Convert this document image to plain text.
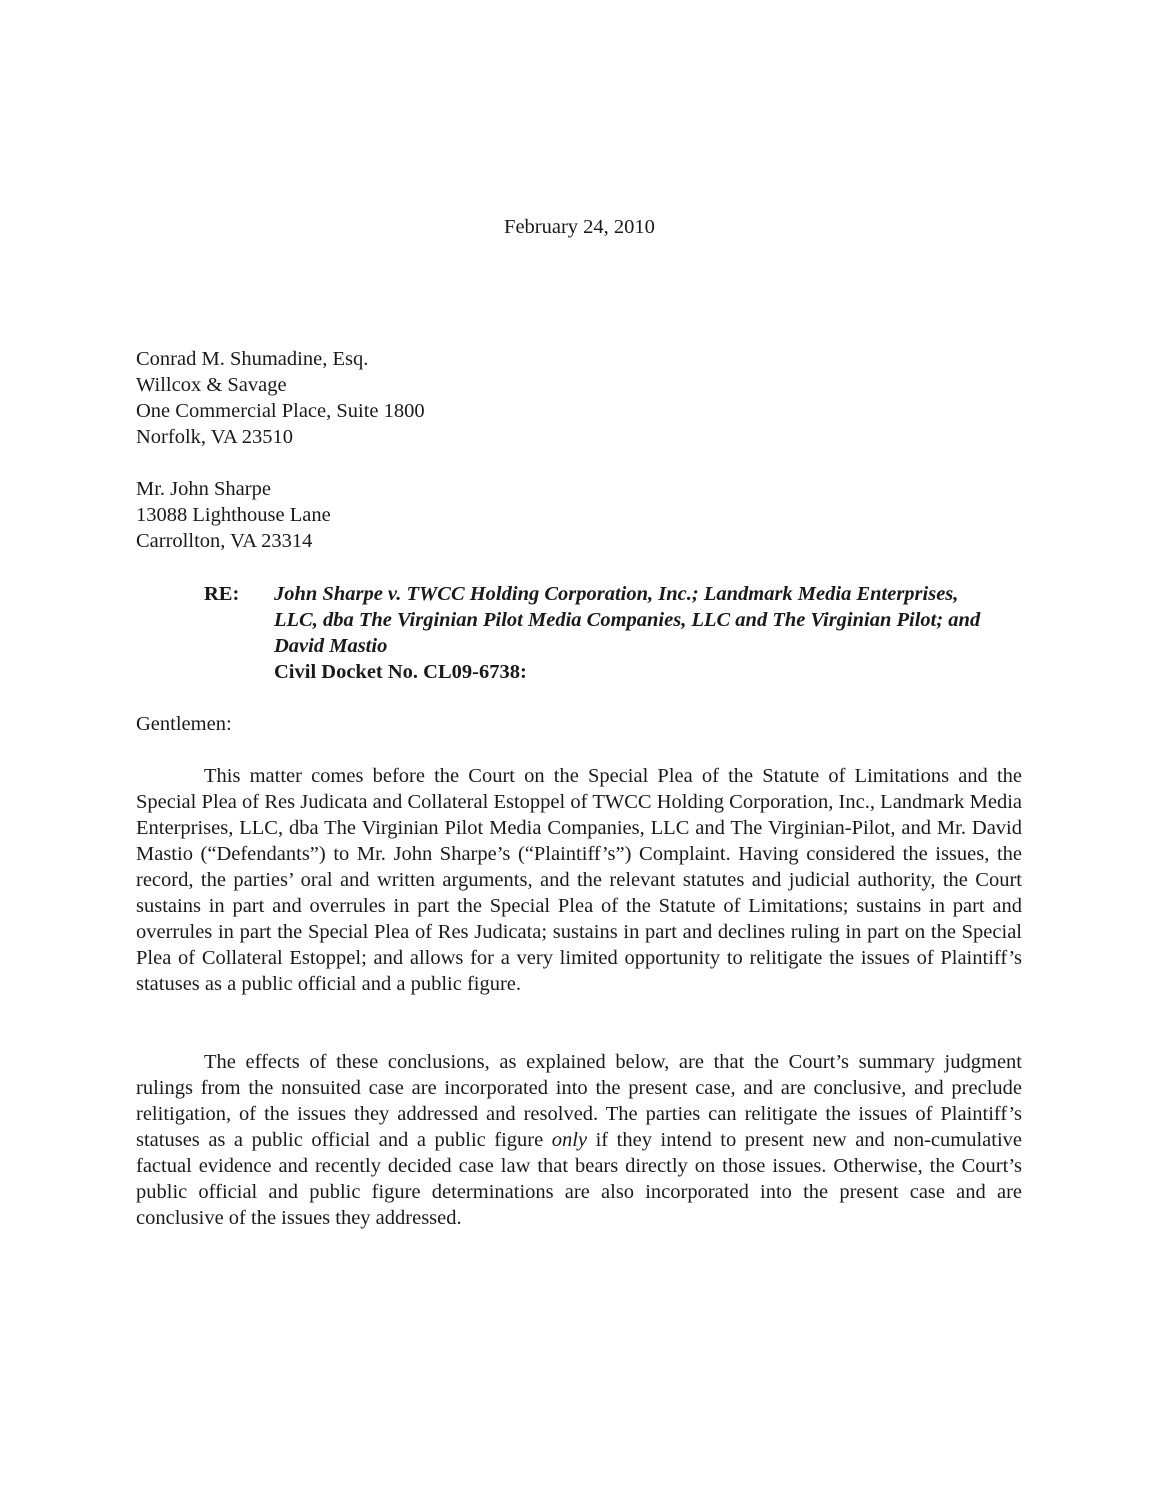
February 24, 2010
Conrad M. Shumadine, Esq.
Willcox & Savage
One Commercial Place, Suite 1800
Norfolk, VA 23510
Mr. John Sharpe
13088 Lighthouse Lane
Carrollton, VA 23314
RE: John Sharpe v. TWCC Holding Corporation, Inc.; Landmark Media Enterprises, LLC, dba The Virginian Pilot Media Companies, LLC and The Virginian Pilot; and David Mastio
Civil Docket No. CL09-6738:
Gentlemen:

This matter comes before the Court on the Special Plea of the Statute of Limitations and the Special Plea of Res Judicata and Collateral Estoppel of TWCC Holding Corporation, Inc., Landmark Media Enterprises, LLC, dba The Virginian Pilot Media Companies, LLC and The Virginian-Pilot, and Mr. David Mastio (“Defendants”) to Mr. John Sharpe’s (“Plaintiff’s”) Complaint. Having considered the issues, the record, the parties’ oral and written arguments, and the relevant statutes and judicial authority, the Court sustains in part and overrules in part the Special Plea of the Statute of Limitations; sustains in part and overrules in part the Special Plea of Res Judicata; sustains in part and declines ruling in part on the Special Plea of Collateral Estoppel; and allows for a very limited opportunity to relitigate the issues of Plaintiff’s statuses as a public official and a public figure.

The effects of these conclusions, as explained below, are that the Court’s summary judgment rulings from the nonsuited case are incorporated into the present case, and are conclusive, and preclude relitigation, of the issues they addressed and resolved. The parties can relitigate the issues of Plaintiff’s statuses as a public official and a public figure only if they intend to present new and non-cumulative factual evidence and recently decided case law that bears directly on those issues. Otherwise, the Court’s public official and public figure determinations are also incorporated into the present case and are conclusive of the issues they addressed.
